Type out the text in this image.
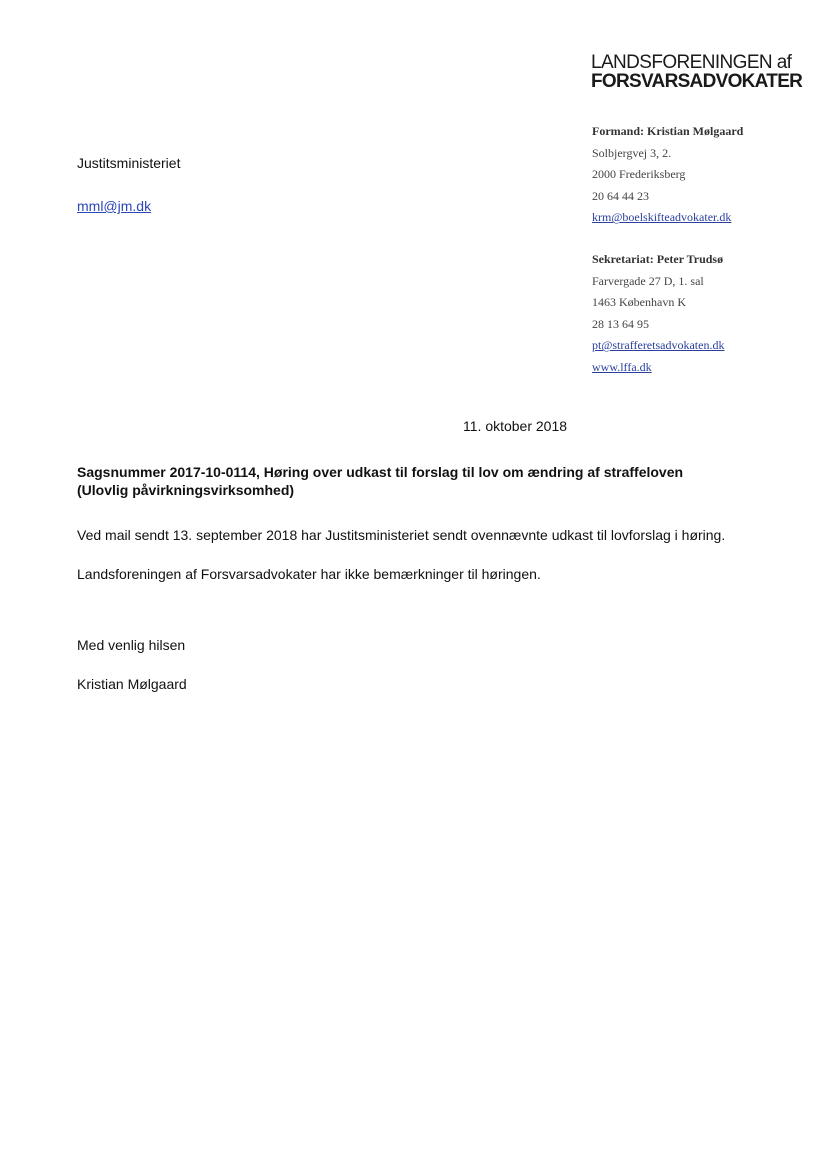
LANDSFORENINGEN af
FORSVARSADVOKATER
Formand: Kristian Mølgaard
Solbjergvej 3, 2.
2000 Frederiksberg
20 64 44 23
krm@boelskifteadvokater.dk
Sekretariat: Peter Trudsø
Farvergade 27 D, 1. sal
1463 København K
28 13 64 95
pt@strafferetsadvokaten.dk
www.lffa.dk
Justitsministeriet
mml@jm.dk
11. oktober 2018
Sagsnummer 2017-10-0114, Høring over udkast til forslag til lov om ændring af straffeloven (Ulovlig påvirkningsvirksomhed)
Ved mail sendt 13. september 2018 har Justitsministeriet sendt ovennævnte udkast til lovforslag i høring.
Landsforeningen af Forsvarsadvokater har ikke bemærkninger til høringen.
Med venlig hilsen
Kristian Mølgaard
